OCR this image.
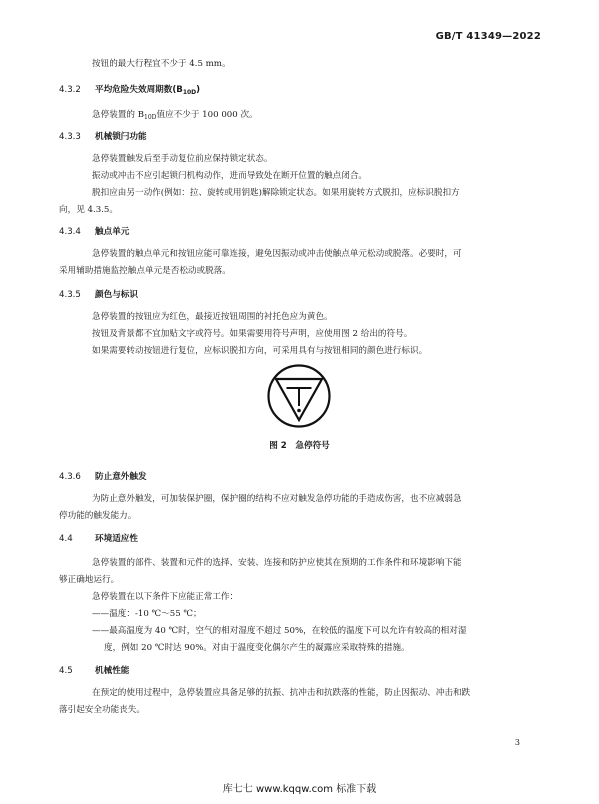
GB/T 41349—2022
按钮的最大行程宜不少于 4.5 mm。
4.3.2 平均危险失效周期数$(B_{10D})$
急停装置的 $B_{10D}$值应不少于 100 000 次。
4.3.3 机械锁闩功能
急停装置触发后至手动复位前应保持锁定状态。
振动或冲击不应引起锁闩机构动作，进而导致处在断开位置的触点闭合。
脱扣应由另一动作(例如：拉、旋转或用钥匙)解除锁定状态。如果用旋转方式脱扣，应标识脱扣方
向，见 4.3.5。
4.3.4 触点单元
急停装置的触点单元和按钮应能可靠连接，避免因振动或冲击使触点单元松动或脱落。必要时，可
采用辅助措施监控触点单元是否松动或脱落。
4.3.5 颜色与标识
急停装置的按钮应为红色，最接近按钮周围的衬托色应为黄色。
按钮及背景都不宜加贴文字或符号。如果需要用符号声明，应使用图 2 给出的符号。
如果需要转动按钮进行复位，应标识脱扣方向，可采用具有与按钮相同的颜色进行标识。
图 2　急停符号
4.3.6 防止意外触发
为防止意外触发，可加装保护圈，保护圈的结构不应对触发急停功能的手造成伤害，也不应减弱急
停功能的触发能力。
4.4	环境适应性
急停装置的部件、装置和元件的选择、安装、连接和防护应使其在预期的工作条件和环境影响下能
够正确地运行。
急停装置在以下条件下应能正常工作：
——温度：-10 ℃～55 ℃；
——最高温度为 40 ℃时，空气的相对湿度不超过 50%，在较低的温度下可以允许有较高的相对湿
度，例如 20 ℃时达 90%。对由于温度变化偶尔产生的凝露应采取特殊的措施。
4.5	机械性能
在预定的使用过程中，急停装置应具备足够的抗振、抗冲击和抗跌落的性能，防止因振动、冲击和跌
落引起安全功能丧失。
3
库七七 www.kqqw.com 标准下载
